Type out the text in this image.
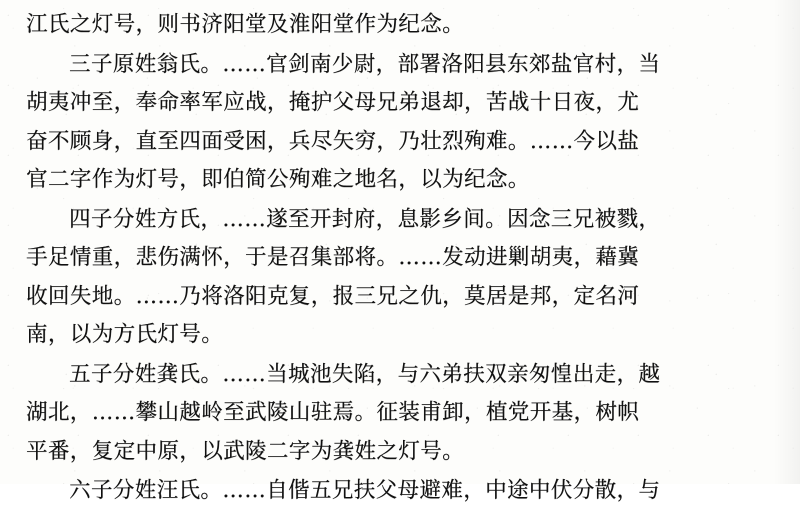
江氏之灯号，则书济阳堂及淮阳堂作为纪念。
三子原姓翁氏。……官剑南少尉，部署洛阳县东郊盐官村，当
胡夷冲至，奉命率军应战，掩护父母兄弟退却，苦战十日夜，尤
奋不顾身，直至四面受困，兵尽矢穷，乃壮烈殉难。……今以盐
官二字作为灯号，即伯简公殉难之地名，以为纪念。
四子分姓方氏，……遂至开封府，息影乡间。因念三兄被戮，
手足情重，悲伤满怀，于是召集部将。……发动进剿胡夷，藉冀
收回失地。……乃将洛阳克复，报三兄之仇，莫居是邦，定名河
南，以为方氏灯号。
五子分姓龚氏。……当城池失陷，与六弟扶双亲匆惶出走，越
湖北，……攀山越岭至武陵山驻焉。征装甫卸，植党开基，树帜
平番，复定中原，以武陵二字为龚姓之灯号。
六子分姓汪氏。……自偕五兄扶父母避难，中途中伏分散，与
